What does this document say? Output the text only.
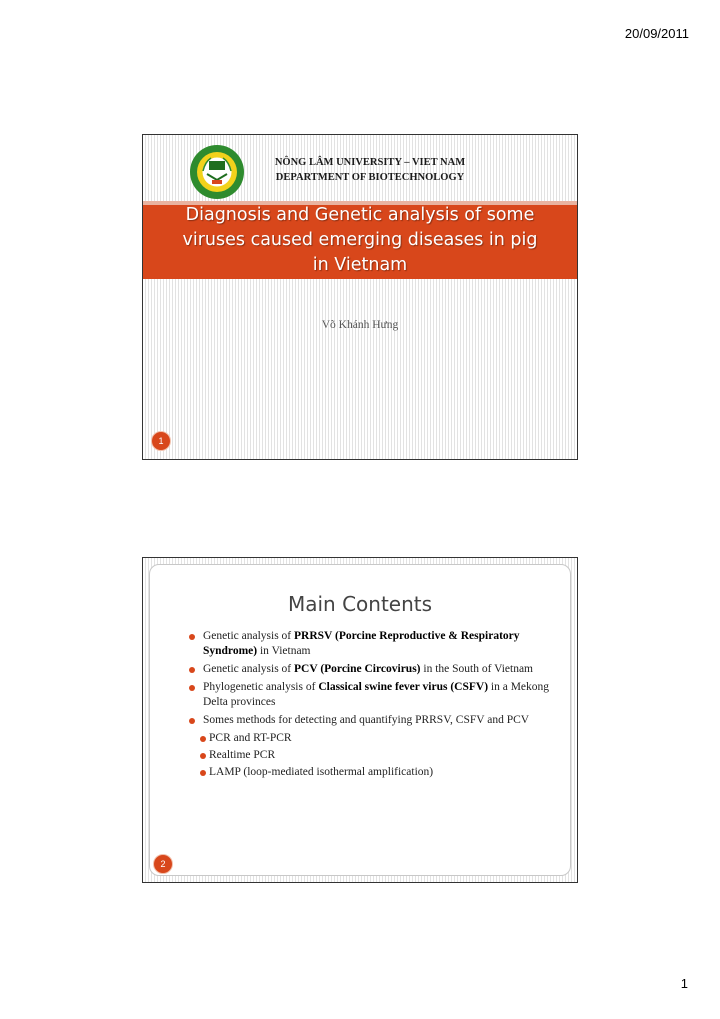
20/09/2011
NÔNG LÂM UNIVERSITY – VIET NAM
DEPARTMENT OF BIOTECHNOLOGY
Diagnosis and Genetic analysis of some
viruses caused emerging diseases in pig
in Vietnam
Võ Khánh Hưng
1
Main Contents
Genetic analysis of PRRSV (Porcine Reproductive & Respiratory Syndrome) in Vietnam
Genetic analysis of PCV (Porcine Circovirus) in the South of Vietnam
Phylogenetic analysis of Classical swine fever virus (CSFV) in a Mekong Delta provinces
Somes methods for detecting and quantifying PRRSV, CSFV and PCV
PCR and RT-PCR
Realtime PCR
LAMP (loop-mediated isothermal amplification)
2
1
